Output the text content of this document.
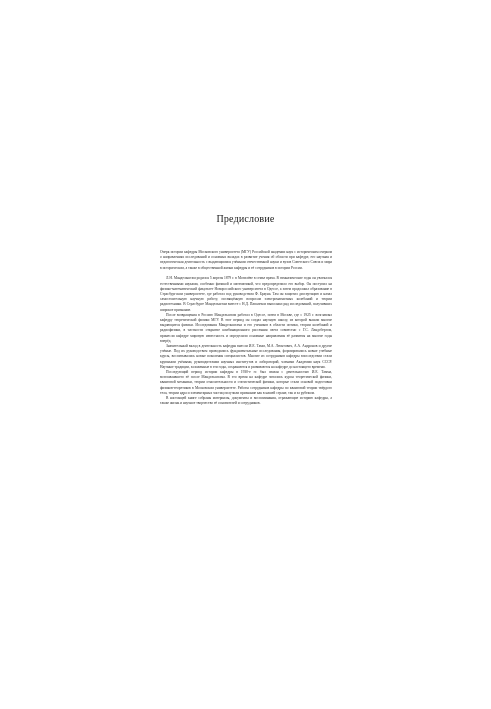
Предисловие

Очерк истории кафедры Московского университета (МГУ) Российской академии наук с историческим очерком о направлениях исследований и основных вкладах в развитие учения об области при кафедре, его научная и педагогическая деятельность с выдающимися учёными отечественной науки и вузов Советского Союза и мира в историческом, а также в общественной жизни кафедры и её сотрудников в истории России.

Л.Н. Мандельштам родился 5 апреля 1879 г. в Могилёве в семье врача. В гимназические годы он увлекался естественными науками, особенно физикой и математикой, что предопределило его выбор. Он поступил на физико-математический факультет Новороссийского университета в Одессе, а затем продолжил образование в Страсбургском университете, где работал под руководством Ф. Брауна. Там он защитил диссертацию и начал самостоятельную научную работу, посвящённую вопросам электромагнитных колебаний и теории радиотехники. В Страсбурге Мандельштам вместе с Н.Д. Папалекси выполнил ряд исследований, получивших широкое признание.

После возвращения в Россию Мандельштам работал в Одессе, затем в Москве, где с 1925 г. возглавлял кафедру теоретической физики МГУ. В этот период он создал научную школу, из которой вышли многие выдающиеся физики. Исследования Мандельштама и его учеников в области оптики, теории колебаний и радиофизики, в частности открытие комбинационного рассеяния света совместно с Г.С. Ландсбергом, принесли кафедре мировую известность и определили основные направления её развития на многие годы вперёд.

Значительный вклад в деятельность кафедры внесли И.Е. Тамм, М.А. Леонтович, А.А. Андронов и другие учёные. Под их руководством проводились фундаментальные исследования, формировались новые учебные курсы, воспитывались новые поколения специалистов. Многие из сотрудников кафедры впоследствии стали крупными учёными, руководителями научных институтов и лабораторий, членами Академии наук СССР. Научные традиции, заложенные в эти годы, сохраняются и развиваются на кафедре до настоящего времени.

Последующий период истории кафедры в 1930-е гг. был связан с деятельностью И.Е. Тамма, возглавлявшего её после Мандельштама. В это время на кафедре читались курсы теоретической физики, квантовой механики, теории относительности и статистической физики, которые стали основой подготовки физиков-теоретиков в Московском университете. Работы сотрудников кафедры по квантовой теории твёрдого тела, теории ядра и элементарных частиц получили признание как в нашей стране, так и за рубежом.

В настоящей книге собраны материалы, документы и воспоминания, отражающие историю кафедры, а также жизнь и научное творчество её основателей и сотрудников.
